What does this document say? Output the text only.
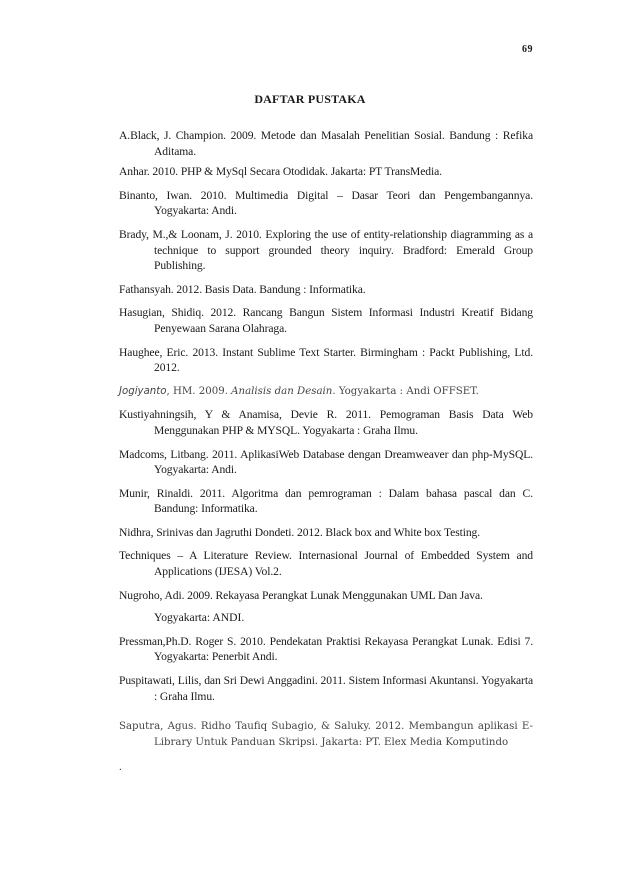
69
DAFTAR PUSTAKA
A.Black, J. Champion. 2009. Metode dan Masalah Penelitian Sosial. Bandung : Refika Aditama.
Anhar. 2010. PHP & MySql Secara Otodidak. Jakarta: PT TransMedia.
Binanto, Iwan. 2010. Multimedia Digital – Dasar Teori dan Pengembangannya. Yogyakarta: Andi.
Brady, M.,& Loonam, J. 2010. Exploring the use of entity-relationship diagramming as a technique to support grounded theory inquiry. Bradford: Emerald Group Publishing.
Fathansyah. 2012. Basis Data. Bandung : Informatika.
Hasugian, Shidiq. 2012. Rancang Bangun Sistem Informasi Industri Kreatif Bidang Penyewaan Sarana Olahraga.
Haughee, Eric. 2013. Instant Sublime Text Starter. Birmingham : Packt Publishing, Ltd. 2012.
Jogiyanto, HM. 2009. Analisis dan Desain. Yogyakarta : Andi OFFSET.
Kustiyahningsih, Y & Anamisa, Devie R. 2011. Pemograman Basis Data Web Menggunakan PHP & MYSQL. Yogyakarta : Graha Ilmu.
Madcoms, Litbang. 2011. AplikasiWeb Database dengan Dreamweaver dan php-MySQL. Yogyakarta: Andi.
Munir, Rinaldi. 2011. Algoritma dan pemrograman : Dalam bahasa pascal dan C. Bandung: Informatika.
Nidhra, Srinivas dan Jagruthi Dondeti. 2012. Black box and White box Testing.
Techniques – A Literature Review. Internasional Journal of Embedded System and Applications (IJESA) Vol.2.
Nugroho, Adi. 2009. Rekayasa Perangkat Lunak Menggunakan UML Dan Java.
Yogyakarta: ANDI.
Pressman,Ph.D. Roger S. 2010. Pendekatan Praktisi Rekayasa Perangkat Lunak. Edisi 7. Yogyakarta: Penerbit Andi.
Puspitawati, Lilis, dan Sri Dewi Anggadini. 2011. Sistem Informasi Akuntansi. Yogyakarta : Graha Ilmu.
Saputra, Agus. Ridho Taufiq Subagio, & Saluky. 2012. Membangun aplikasi E-Library Untuk Panduan Skripsi. Jakarta: PT. Elex Media Komputindo
.
